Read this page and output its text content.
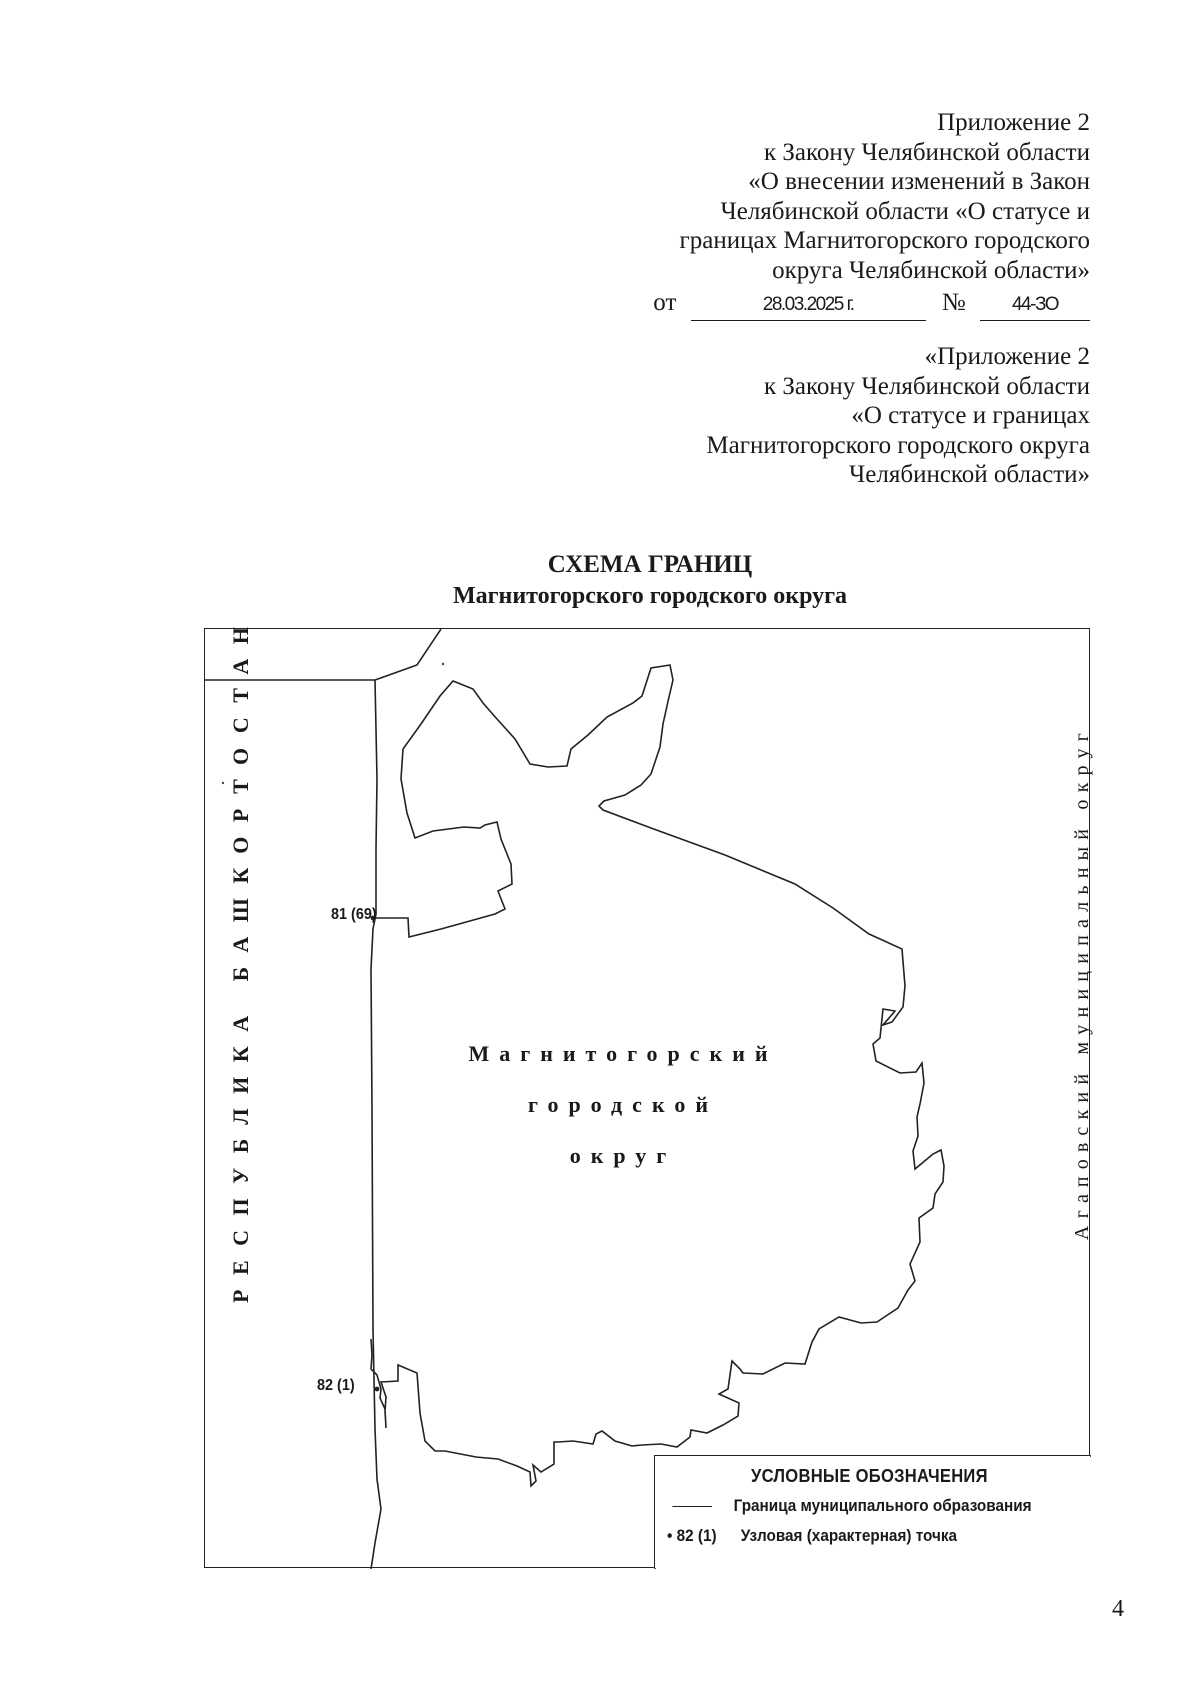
Приложение 2
к Закону Челябинской области
«О внесении изменений в Закон
Челябинской области «О статусе и
границах Магнитогорского городского
округа Челябинской области»
от	28.03.2025 г.	№ 44-ЗО
«Приложение 2
к Закону Челябинской области
«О статусе и границах
Магнитогорского городского округа
Челябинской области»
СХЕМА ГРАНИЦ
Магнитогорского городского округа
81 (69)
82 (1)
РЕСПУБЛИКА БАШКОРТОСТАН	Агаповский муниципальный округ
Магнитогорский
городской
округ
УСЛОВНЫЕ ОБОЗНАЧЕНИЯ
Граница муниципального образования
• 82 (1) Узловая (характерная) точка
4
